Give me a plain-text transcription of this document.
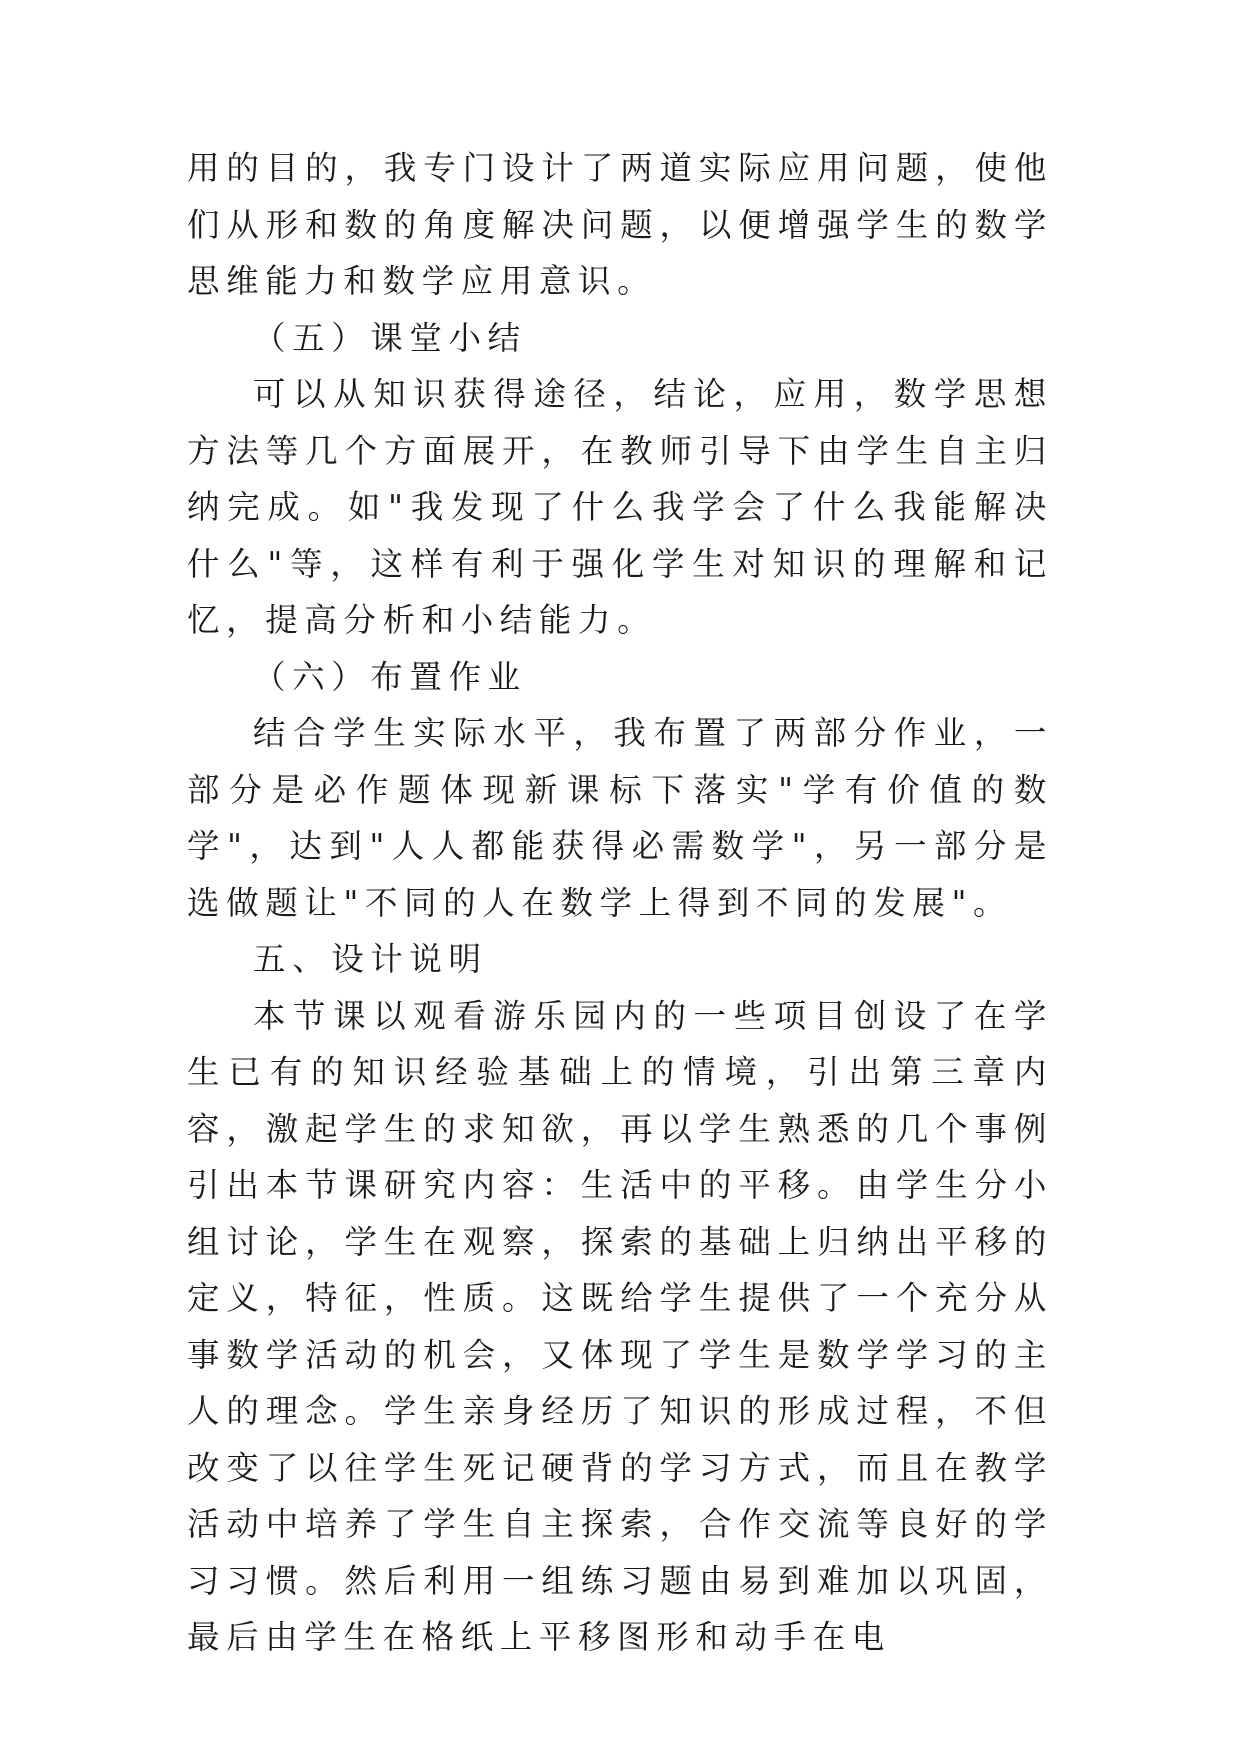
用的目的，我专门设计了两道实际应用问题，使他们从形和数的角度解决问题，以便增强学生的数学思维能力和数学应用意识。

（五）课堂小结

可以从知识获得途径，结论，应用，数学思想方法等几个方面展开，在教师引导下由学生自主归纳完成。如"我发现了什么我学会了什么我能解决什么"等，这样有利于强化学生对知识的理解和记忆，提高分析和小结能力。

（六）布置作业

结合学生实际水平，我布置了两部分作业，一部分是必作题体现新课标下落实"学有价值的数学"，达到"人人都能获得必需数学"，另一部分是选做题让"不同的人在数学上得到不同的发展"。

五、设计说明

本节课以观看游乐园内的一些项目创设了在学生已有的知识经验基础上的情境，引出第三章内容，激起学生的求知欲，再以学生熟悉的几个事例引出本节课研究内容：生活中的平移。由学生分小组讨论，学生在观察，探索的基础上归纳出平移的定义，特征，性质。这既给学生提供了一个充分从事数学活动的机会，又体现了学生是数学学习的主人的理念。学生亲身经历了知识的形成过程，不但改变了以往学生死记硬背的学习方式，而且在教学活动中培养了学生自主探索，合作交流等良好的学习习惯。然后利用一组练习题由易到难加以巩固，最后由学生在格纸上平移图形和动手在电
